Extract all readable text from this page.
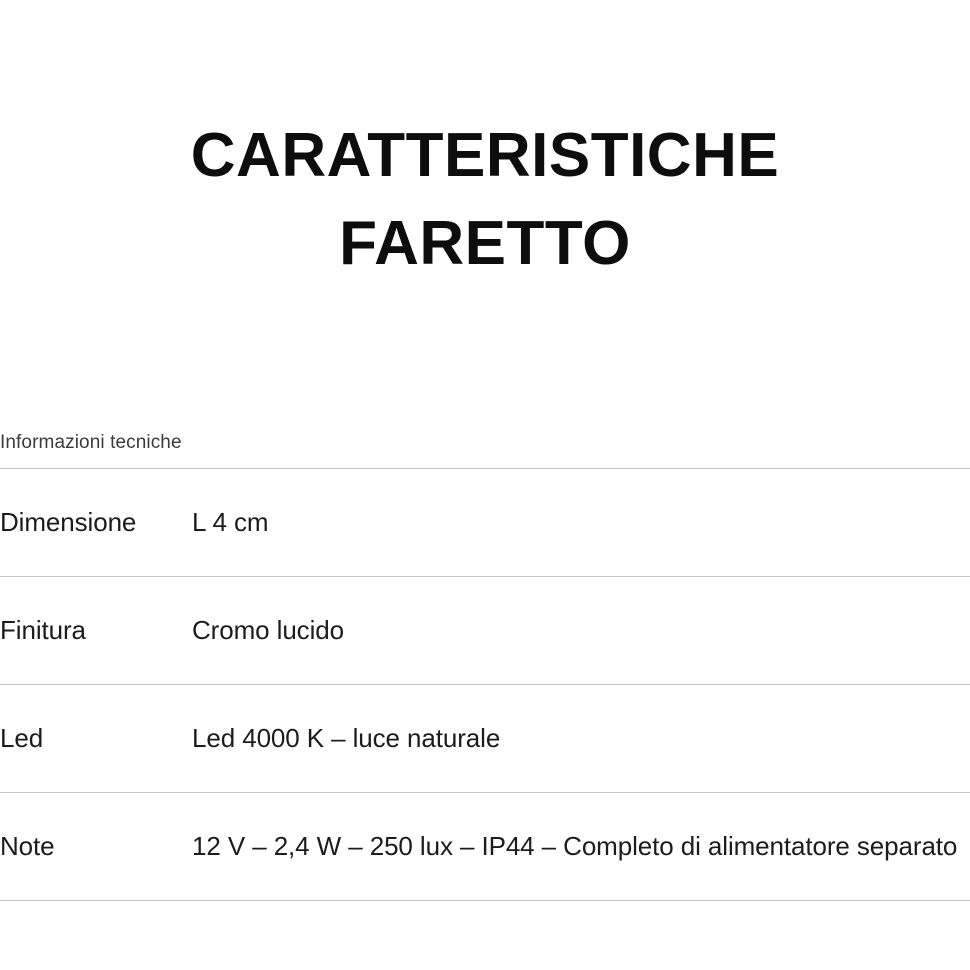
CARATTERISTICHE
FARETTO
Informazioni tecniche
Dimensione	L 4 cm
Finitura	Cromo lucido
Led	Led 4000 K – luce naturale
Note	12 V – 2,4 W – 250 lux – IP44 – Completo di alimentatore separato
